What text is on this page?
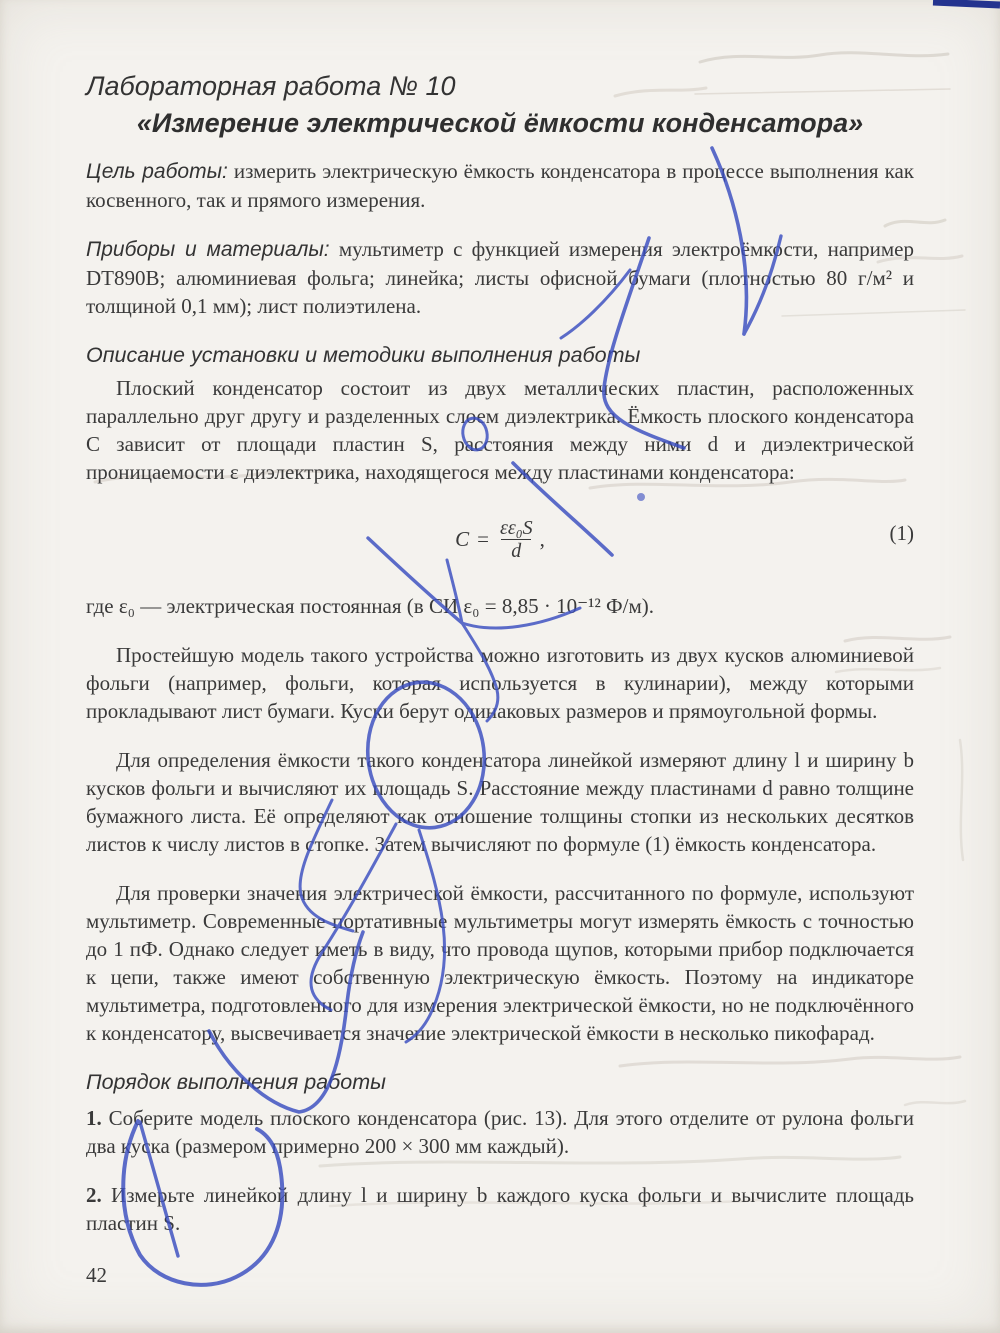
Лабораторная работа № 10
«Измерение электрической ёмкости конденсатора»

Цель работы: измерить электрическую ёмкость конденсатора в процессе выполнения как косвенного, так и прямого измерения.

Приборы и материалы: мультиметр с функцией измерения электроёмкости, например DT890B; алюминиевая фольга; линейка; листы офисной бумаги (плотностью 80 г/м² и толщиной 0,1 мм); лист полиэтилена.

Описание установки и методики выполнения работы

Плоский конденсатор состоит из двух металлических пластин, расположенных параллельно друг другу и разделенных слоем диэлектрика. Ёмкость плоского конденсатора C зависит от площади пластин S, расстояния между ними d и диэлектрической проницаемости ε диэлектрика, находящегося между пластинами конденсатора:

$C = \frac{\text{εε₀S}}{d}$ ,	(1)

где ε₀ — электрическая постоянная (в СИ ε₀ = 8,85 · 10⁻¹² Ф/м).

Простейшую модель такого устройства можно изготовить из двух кусков алюминиевой фольги (например, фольги, которая используется в кулинарии), между которыми прокладывают лист бумаги. Куски берут одинаковых размеров и прямоугольной формы.

Для определения ёмкости такого конденсатора линейкой измеряют длину l и ширину b кусков фольги и вычисляют их площадь S. Расстояние между пластинами d равно толщине бумажного листа. Её определяют как отношение толщины стопки из нескольких десятков листов к числу листов в стопке. Затем вычисляют по формуле (1) ёмкость конденсатора.

Для проверки значения электрической ёмкости, рассчитанного по формуле, используют мультиметр. Современные портативные мультиметры могут измерять ёмкость с точностью до 1 пФ. Однако следует иметь в виду, что провода щупов, которыми прибор подключается к цепи, также имеют собственную электрическую ёмкость. Поэтому на индикаторе мультиметра, подготовленного для измерения электрической ёмкости, но не подключённого к конденсатору, высвечивается значение электрической ёмкости в несколько пикофарад.

Порядок выполнения работы

1. Соберите модель плоского конденсатора (рис. 13). Для этого отделите от рулона фольги два куска (размером примерно 200 × 300 мм каждый).

2. Измерьте линейкой длину l и ширину b каждого куска фольги и вычислите площадь пластин S.

42
